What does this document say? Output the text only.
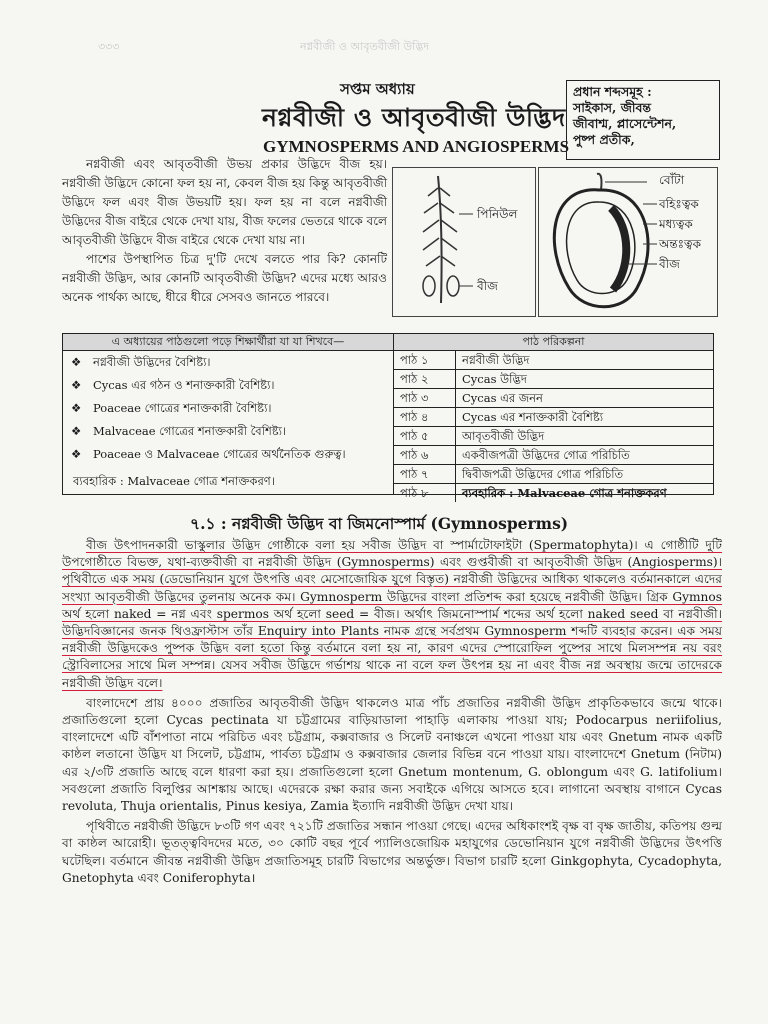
৩৩৩	নগ্নবীজী ও আবৃতবীজী উদ্ভিদ
সপ্তম অধ্যায়
নগ্নবীজী ও আবৃতবীজী উদ্ভিদ
GYMNOSPERMS AND ANGIOSPERMS
প্রধান শব্দসমূহ :
সাইকাস, জীবন্ত
জীবাশ্ম, প্লাসেন্টেশন,
পুষ্প প্রতীক,

নগ্নবীজী এবং আবৃতবীজী উভয় প্রকার উদ্ভিদে বীজ হয়। নগ্নবীজী উদ্ভিদে কোনো ফল হয় না, কেবল বীজ হয় কিন্তু আবৃতবীজী উদ্ভিদে ফল এবং বীজ উভয়টি হয়। ফল হয় না বলে নগ্নবীজী উদ্ভিদের বীজ বাইরে থেকে দেখা যায়, বীজ ফলের ভেতরে থাকে বলে আবৃতবীজী উদ্ভিদে বীজ বাইরে থেকে দেখা যায় না।

পাশের উপস্থাপিত চিত্র দু'টি দেখে বলতে পার কি? কোনটি নগ্নবীজী উদ্ভিদ, আর কোনটি আবৃতবীজী উদ্ভিদ? এদের মধ্যে আরও অনেক পার্থক্য আছে, ধীরে ধীরে সেসবও জানতে পারবে।

পিনিউল
বীজ
বোঁটা
বহিঃত্বক
মধ্যত্বক
অন্তঃত্বক
বীজ
এ অধ্যায়ের পাঠগুলো পড়ে শিক্ষার্থীরা যা যা শিখবে—
❖ নগ্নবীজী উদ্ভিদের বৈশিষ্ট্য।
❖ Cycas এর গঠন ও শনাক্তকারী বৈশিষ্ট্য।
❖ Poaceae গোত্রের শনাক্তকারী বৈশিষ্ট্য।
❖ Malvaceae গোত্রের শনাক্তকারী বৈশিষ্ট্য।
❖ Poaceae ও Malvaceae গোত্রের অর্থনৈতিক গুরুত্ব।
ব্যবহারিক : Malvaceae গোত্র শনাক্তকরণ।
পাঠ পরিকল্পনা
পাঠ ১	নগ্নবীজী উদ্ভিদ
পাঠ ২	Cycas উদ্ভিদ
পাঠ ৩	Cycas এর জনন
পাঠ ৪	Cycas এর শনাক্তকারী বৈশিষ্ট্য
পাঠ ৫	আবৃতবীজী উদ্ভিদ
পাঠ ৬	একবীজপত্রী উদ্ভিদের গোত্র পরিচিতি
পাঠ ৭	দ্বিবীজপত্রী উদ্ভিদের গোত্র পরিচিতি
পাঠ ৮	ব্যবহারিক : Malvaceae গোত্র শনাক্তকরণ
৭.১ : নগ্নবীজী উদ্ভিদ বা জিমনোস্পার্ম (Gymnosperms)

বীজ উৎপাদনকারী ভাস্কুলার উদ্ভিদ গোষ্ঠীকে বলা হয় সবীজ উদ্ভিদ বা স্পার্মাটোফাইটা (Spermatophyta)। এ গোষ্ঠীটি দুটি উপগোষ্ঠীতে বিভক্ত, যথা-ব্যক্তবীজী বা নগ্নবীজী উদ্ভিদ (Gymnosperms) এবং গুপ্তবীজী বা আবৃতবীজী উদ্ভিদ (Angiosperms)। পৃথিবীতে এক সময় (ডেভোনিয়ান যুগে উৎপত্তি এবং মেসোজোয়িক যুগে বিস্তৃত) নগ্নবীজী উদ্ভিদের আধিক্য থাকলেও বর্তমানকালে এদের সংখ্যা আবৃতবীজী উদ্ভিদের তুলনায় অনেক কম। Gymnosperm উদ্ভিদের বাংলা প্রতিশব্দ করা হয়েছে নগ্নবীজী উদ্ভিদ। গ্রিক Gymnos অর্থ হলো naked = নগ্ন এবং spermos অর্থ হলো seed = বীজ। অর্থাৎ জিমনোস্পার্ম শব্দের অর্থ হলো naked seed বা নগ্নবীজী। উদ্ভিদবিজ্ঞানের জনক থিওফ্রাস্টাস তাঁর Enquiry into Plants নামক গ্রন্থে সর্বপ্রথম Gymnosperm শব্দটি ব্যবহার করেন। এক সময় নগ্নবীজী উদ্ভিদকেও পুষ্পক উদ্ভিদ বলা হতো কিন্তু বর্তমানে বলা হয় না, কারণ এদের স্পোরোফিল পুষ্পের সাথে মিলসম্পন্ন নয় বরং স্ট্রোবিলাসের সাথে মিল সম্পন্ন। যেসব সবীজ উদ্ভিদে গর্ভাশয় থাকে না বলে ফল উৎপন্ন হয় না এবং বীজ নগ্ন অবস্থায় জন্মে তাদেরকে নগ্নবীজী উদ্ভিদ বলে।

বাংলাদেশে প্রায় ৪০০০ প্রজাতির আবৃতবীজী উদ্ভিদ থাকলেও মাত্র পাঁচ প্রজাতির নগ্নবীজী উদ্ভিদ প্রাকৃতিকভাবে জন্মে থাকে। প্রজাতিগুলো হলো Cycas pectinata যা চট্টগ্রামের বাড়িয়াডালা পাহাড়ি এলাকায় পাওয়া যায়; Podocarpus neriifolius, বাংলাদেশে এটি বাঁশপাতা নামে পরিচিত এবং চট্টগ্রাম, কক্সবাজার ও সিলেট বনাঞ্চলে এখনো পাওয়া যায় এবং Gnetum নামক একটি কাষ্ঠল লতানো উদ্ভিদ যা সিলেট, চট্টগ্রাম, পার্বত্য চট্টগ্রাম ও কক্সবাজার জেলার বিভিন্ন বনে পাওয়া যায়। বাংলাদেশে Gnetum (নিটাম) এর ২/৩টি প্রজাতি আছে বলে ধারণা করা হয়। প্রজাতিগুলো হলো Gnetum montenum, G. oblongum এবং G. latifolium। সবগুলো প্রজাতি বিলুপ্তির আশঙ্কায় আছে। এদেরকে রক্ষা করার জন্য সবাইকে এগিয়ে আসতে হবে। লাগানো অবস্থায় বাগানে Cycas revoluta, Thuja orientalis, Pinus kesiya, Zamia ইত্যাদি নগ্নবীজী উদ্ভিদ দেখা যায়।

পৃথিবীতে নগ্নবীজী উদ্ভিদে ৮৩টি গণ এবং ৭২১টি প্রজাতির সন্ধান পাওয়া গেছে। এদের অধিকাংশই বৃক্ষ বা বৃক্ষ জাতীয়, কতিপয় গুল্ম বা কাষ্ঠল আরোহী। ভূতত্ত্ববিদদের মতে, ৩০ কোটি বছর পূর্বে প্যালিওজোয়িক মহাযুগের ডেভোনিয়ান যুগে নগ্নবীজী উদ্ভিদের উৎপত্তি ঘটেছিল। বর্তমানে জীবন্ত নগ্নবীজী উদ্ভিদ প্রজাতিসমূহ চারটি বিভাগের অন্তর্ভুক্ত। বিভাগ চারটি হলো Ginkgophyta, Cycadophyta, Gnetophyta এবং Coniferophyta।
